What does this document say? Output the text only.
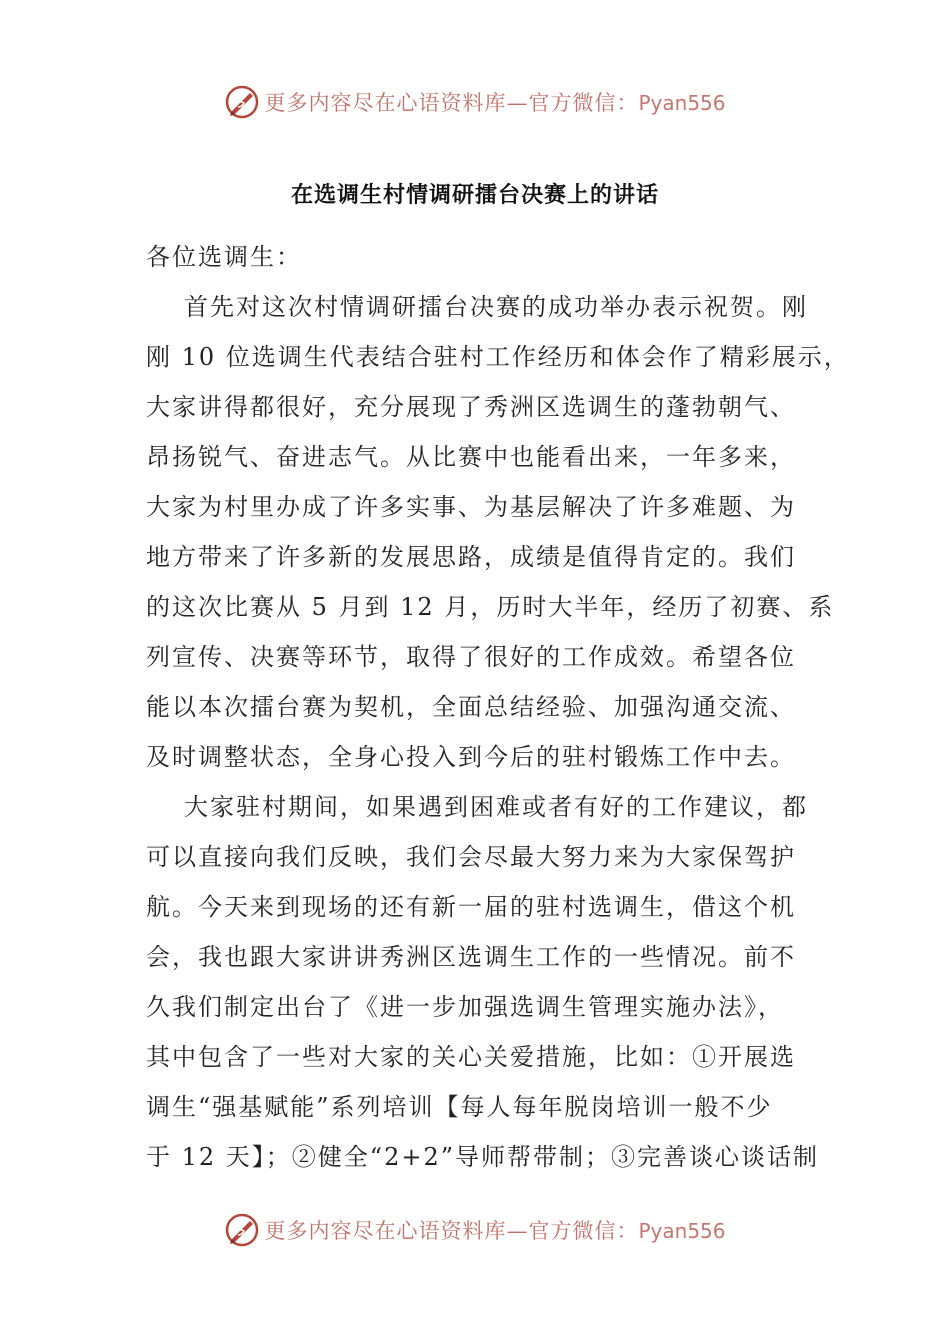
更多内容尽在心语资料库—官方微信：Pyan556
在选调生村情调研擂台决赛上的讲话
各位选调生：
首先对这次村情调研擂台决赛的成功举办表示祝贺。刚
刚 10 位选调生代表结合驻村工作经历和体会作了精彩展示，
大家讲得都很好，充分展现了秀洲区选调生的蓬勃朝气、
昂扬锐气、奋进志气。从比赛中也能看出来，一年多来，
大家为村里办成了许多实事、为基层解决了许多难题、为
地方带来了许多新的发展思路，成绩是值得肯定的。我们
的这次比赛从 5 月到 12 月，历时大半年，经历了初赛、系
列宣传、决赛等环节，取得了很好的工作成效。希望各位
能以本次擂台赛为契机，全面总结经验、加强沟通交流、
及时调整状态，全身心投入到今后的驻村锻炼工作中去。
大家驻村期间，如果遇到困难或者有好的工作建议，都
可以直接向我们反映，我们会尽最大努力来为大家保驾护
航。今天来到现场的还有新一届的驻村选调生，借这个机
会，我也跟大家讲讲秀洲区选调生工作的一些情况。前不
久我们制定出台了《进一步加强选调生管理实施办法》，
其中包含了一些对大家的关心关爱措施，比如：①开展选
调生“强基赋能”系列培训【每人每年脱岗培训一般不少
于 12 天】；②健全“2+2”导师帮带制；③完善谈心谈话制
更多内容尽在心语资料库—官方微信：Pyan556
